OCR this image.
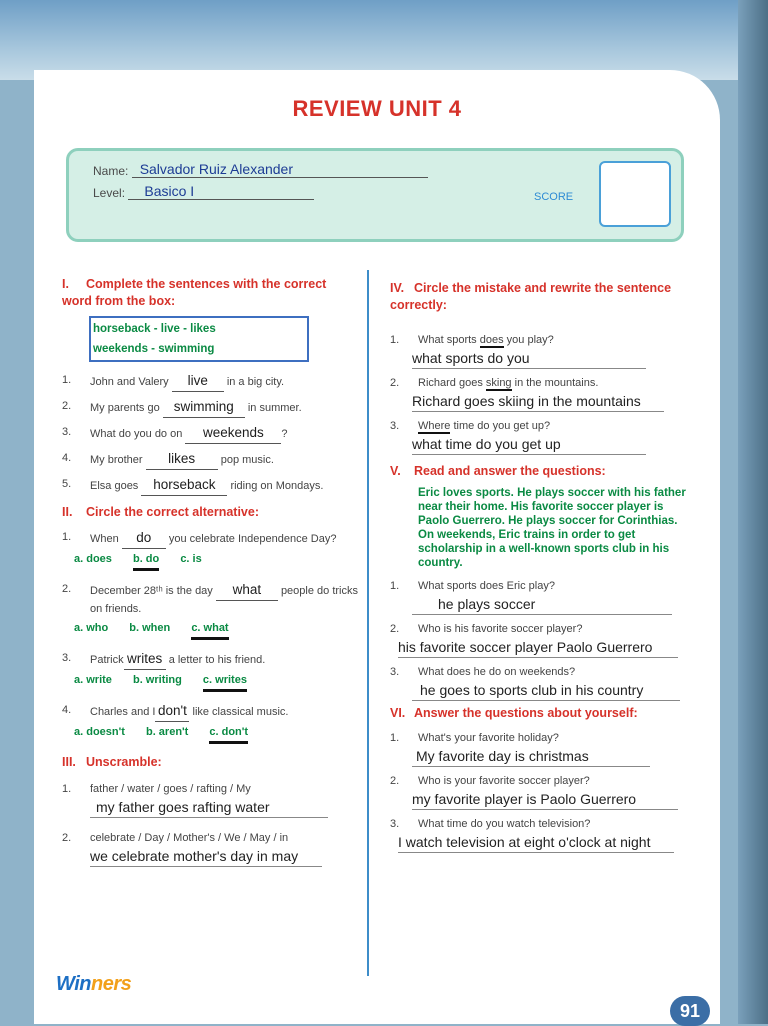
REVIEW UNIT 4
Name: Salvador Ruiz Alexander
Level: Basico I	SCORE
I. Complete the sentences with the correct word from the box:
horseback - live - likes
weekends - swimming
1.	John and Valery live in a big city.
2.	My parents go swimming in summer.
3.	What do you do on weekends ?
4.	My brother likes pop music.
5.	Elsa goes horseback riding on Mondays.
II. Circle the correct alternative:
1.	When do you celebrate Independence Day?
a. does b. do c. is
2.	December 28ᵗʰ is the day what people do tricks on friends.
a. who b. when c. what
3.	Patrick writes a letter to his friend.
a. write b. writing c. writes
4.	Charles and I don't like classical music.
a. doesn't b. aren't c. don't
III. Unscramble:
1.	father / water / goes / rafting / My
my father goes rafting water
2.	celebrate / Day / Mother's / We / May / in
we celebrate mother's day in may
IV. Circle the mistake and rewrite the sentence correctly:
1.	What sports does you play?
what sports do you
2.	Richard goes sking in the mountains.
Richard goes skiing in the mountains
3.	Where time do you get up?
what time do you get up
V. Read and answer the questions:
Eric loves sports. He plays soccer with his father near their home. His favorite soccer player is Paolo Guerrero. He plays soccer for Corinthias. On weekends, Eric trains in order to get scholarship in a well-known sports club in his country.
1.	What sports does Eric play?
he plays soccer
2.	Who is his favorite soccer player?
his favorite soccer player Paolo Guerrero
3.	What does he do on weekends?
he goes to sports club in his country
VI. Answer the questions about yourself:
1.	What's your favorite holiday?
My favorite day is christmas
2.	Who is your favorite soccer player?
my favorite player is Paolo Guerrero
3.	What time do you watch television?
I watch television at eight o'clock at night
Winners
91
